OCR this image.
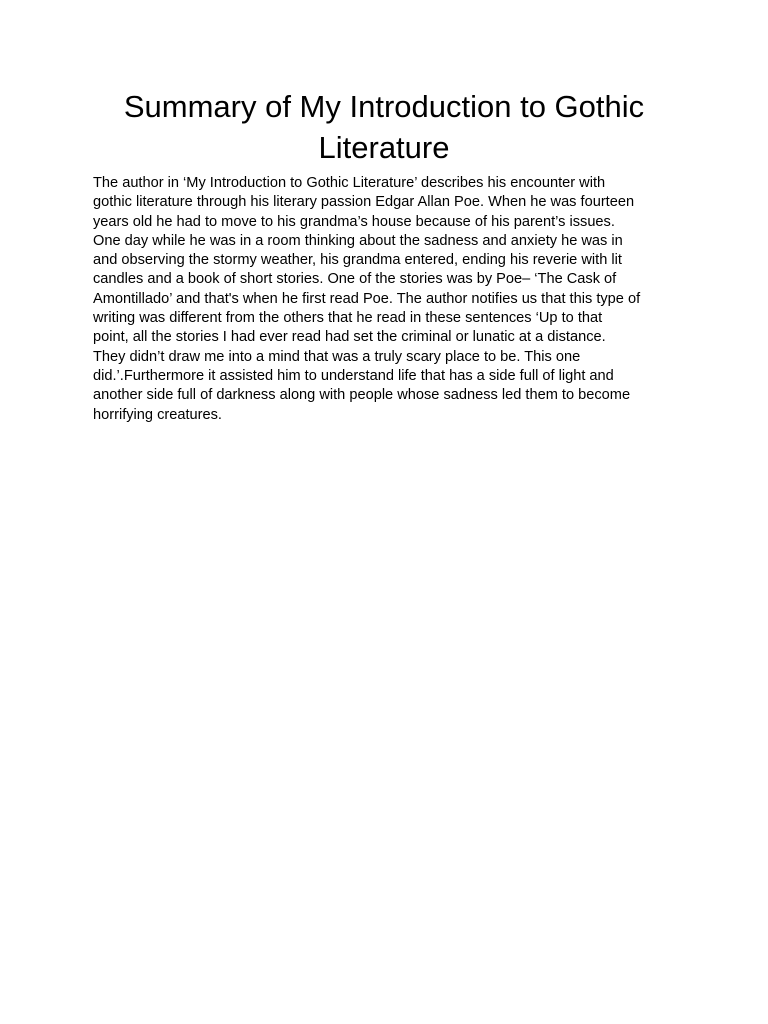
Summary of My Introduction to Gothic
Literature
The author in ‘My Introduction to Gothic Literature’ describes his encounter with
gothic literature through his literary passion Edgar Allan Poe. When he was fourteen
years old he had to move to his grandma’s house because of his parent’s issues.
One day while he was in a room thinking about the sadness and anxiety he was in
and observing the stormy weather, his grandma entered, ending his reverie with lit
candles and a book of short stories. One of the stories was by Poe– ‘The Cask of
Amontillado’ and that's when he first read Poe. The author notifies us that this type of
writing was different from the others that he read in these sentences ‘Up to that
point, all the stories I had ever read had set the criminal or lunatic at a distance.
They didn’t draw me into a mind that was a truly scary place to be. This one
did.’.Furthermore it assisted him to understand life that has a side full of light and
another side full of darkness along with people whose sadness led them to become
horrifying creatures.
